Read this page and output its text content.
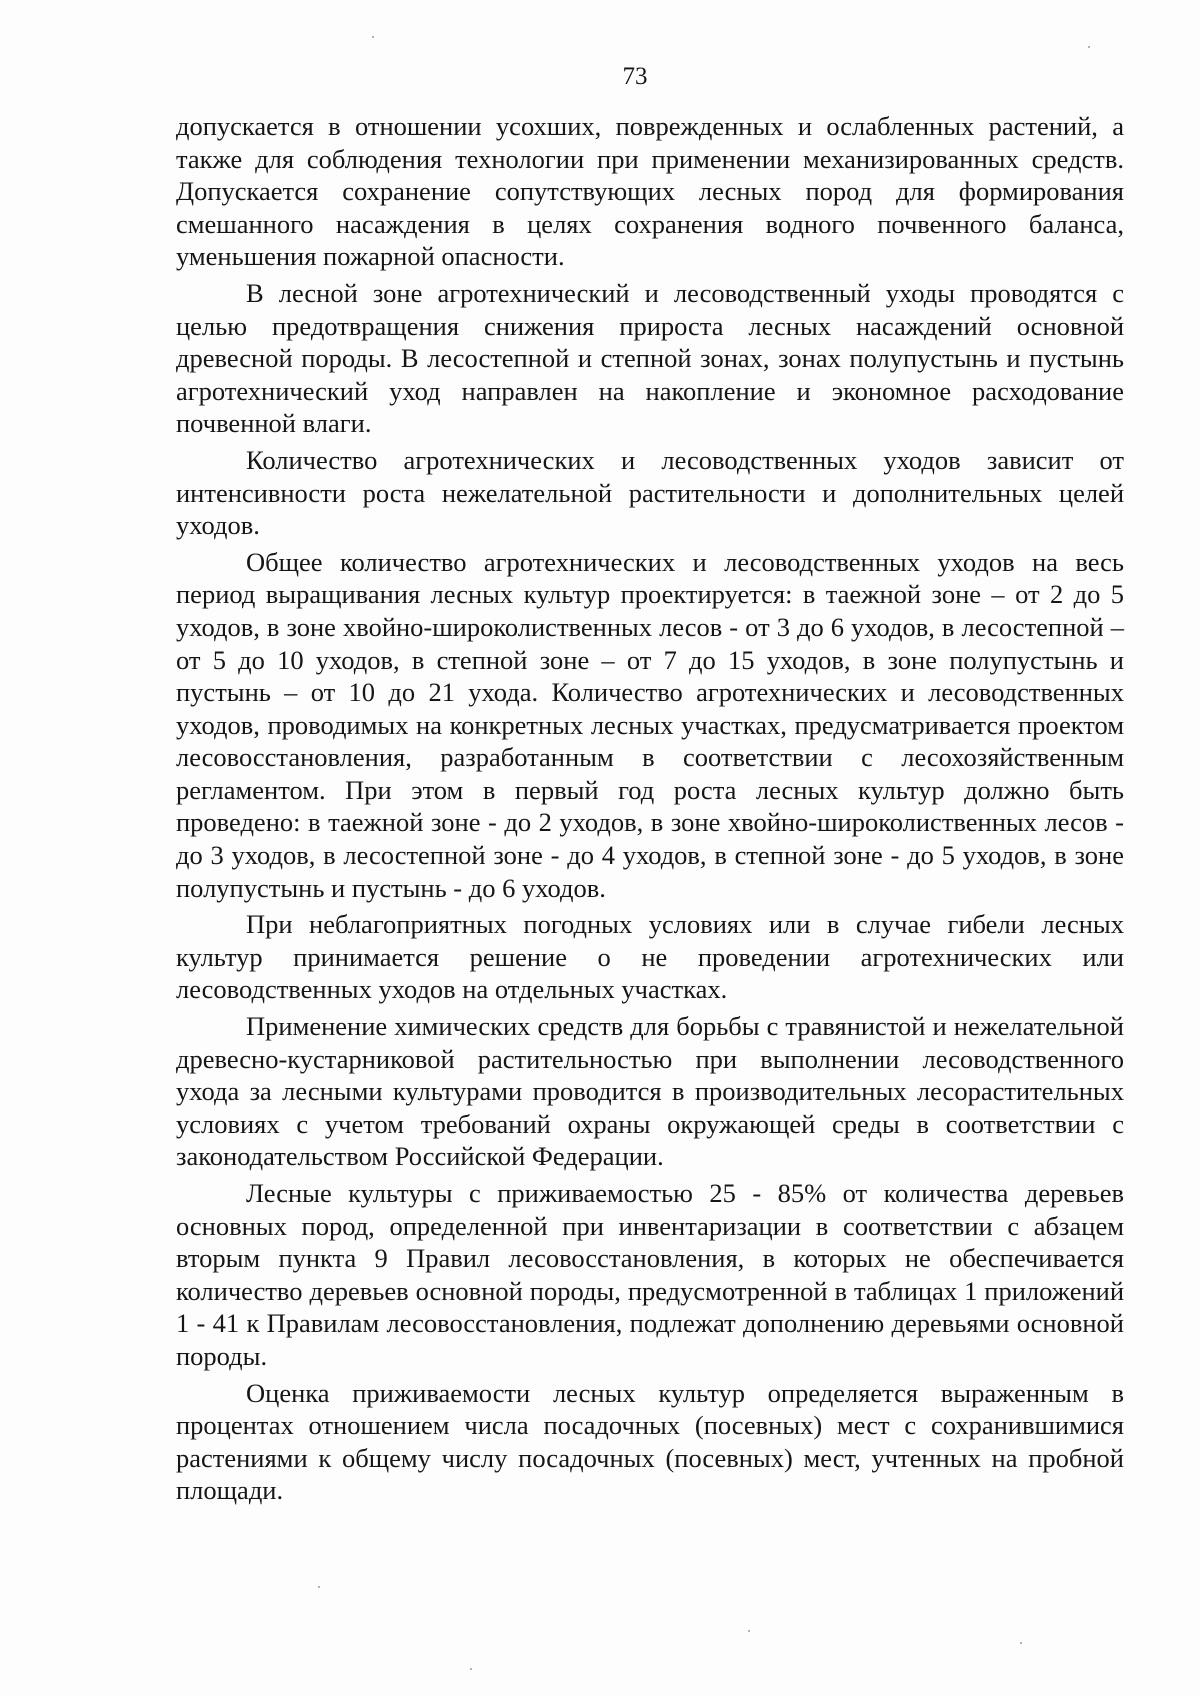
73

допускается в отношении усохших, поврежденных и ослабленных растений, а также для соблюдения технологии при применении механизированных средств. Допускается сохранение сопутствующих лесных пород для формирования смешанного насаждения в целях сохранения водного почвенного баланса, уменьшения пожарной опасности.

В лесной зоне агротехнический и лесоводственный уходы проводятся с целью предотвращения снижения прироста лесных насаждений основной древесной породы. В лесостепной и степной зонах, зонах полупустынь и пустынь агротехнический уход направлен на накопление и экономное расходование почвенной влаги.

Количество агротехнических и лесоводственных уходов зависит от интенсивности роста нежелательной растительности и дополнительных целей уходов.

Общее количество агротехнических и лесоводственных уходов на весь период выращивания лесных культур проектируется: в таежной зоне – от 2 до 5 уходов, в зоне хвойно-широколиственных лесов - от 3 до 6 уходов, в лесостепной – от 5 до 10 уходов, в степной зоне – от 7 до 15 уходов, в зоне полупустынь и пустынь – от 10 до 21 ухода. Количество агротехнических и лесоводственных уходов, проводимых на конкретных лесных участках, предусматривается проектом лесовосстановления, разработанным в соответствии с лесохозяйственным регламентом. При этом в первый год роста лесных культур должно быть проведено: в таежной зоне - до 2 уходов, в зоне хвойно-широколиственных лесов - до 3 уходов, в лесостепной зоне - до 4 уходов, в степной зоне - до 5 уходов, в зоне полупустынь и пустынь - до 6 уходов.

При неблагоприятных погодных условиях или в случае гибели лесных культур принимается решение о не проведении агротехнических или лесоводственных уходов на отдельных участках.

Применение химических средств для борьбы с травянистой и нежелательной древесно-кустарниковой растительностью при выполнении лесоводственного ухода за лесными культурами проводится в производительных лесорастительных условиях с учетом требований охраны окружающей среды в соответствии с законодательством Российской Федерации.

Лесные культуры с приживаемостью 25 - 85% от количества деревьев основных пород, определенной при инвентаризации в соответствии с абзацем вторым пункта 9 Правил лесовосстановления, в которых не обеспечивается количество деревьев основной породы, предусмотренной в таблицах 1 приложений 1 - 41 к Правилам лесовосстановления, подлежат дополнению деревьями основной породы.

Оценка приживаемости лесных культур определяется выраженным в процентах отношением числа посадочных (посевных) мест с сохранившимися растениями к общему числу посадочных (посевных) мест, учтенных на пробной площади.
